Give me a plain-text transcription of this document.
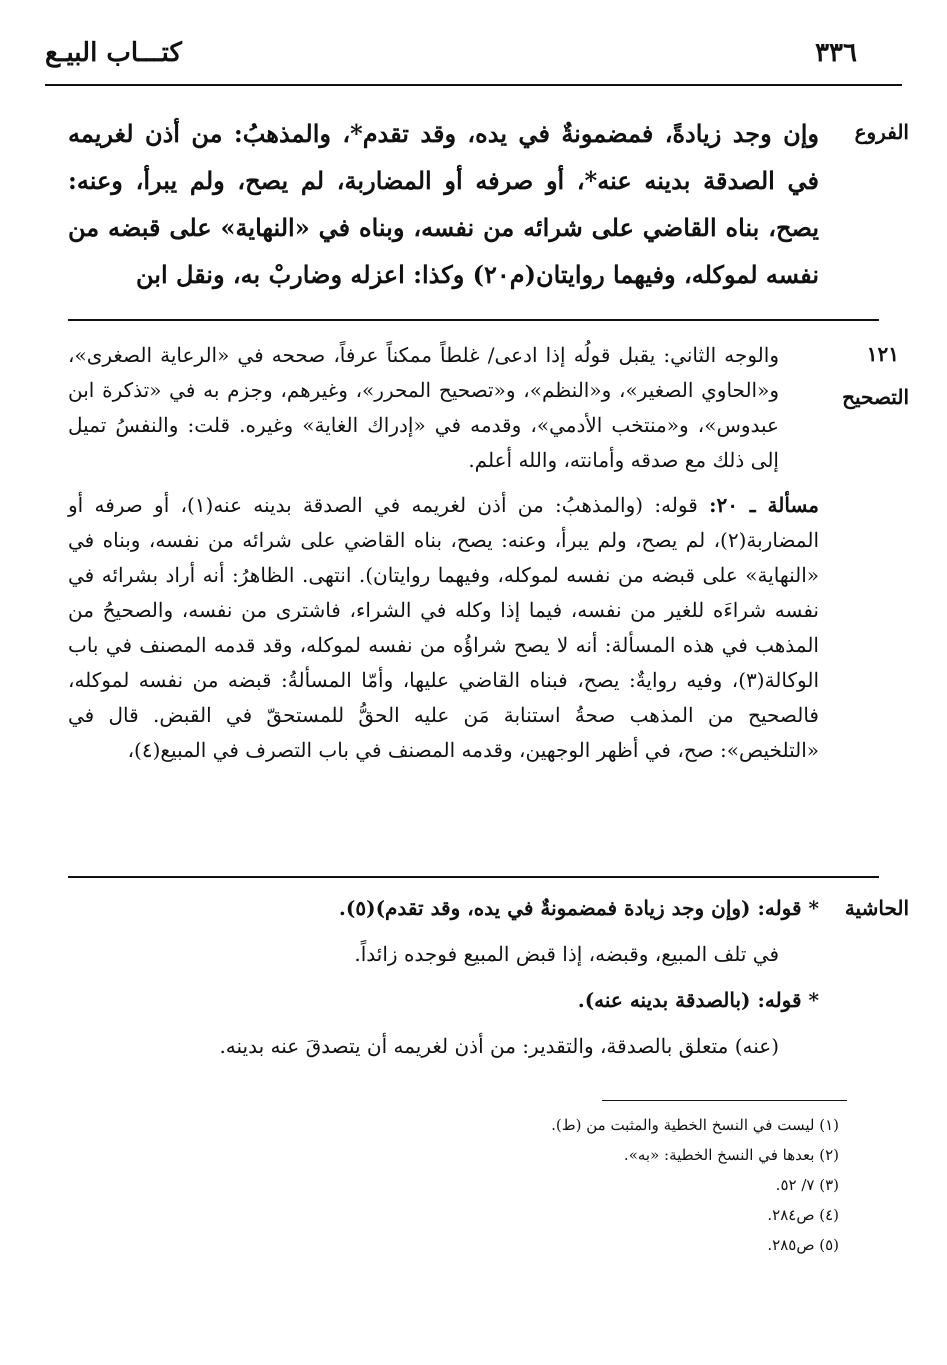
كتـــاب البيـع	٣٣٦
الفروع
وإن وجد زيادةً، فمضمونةٌ في يده، وقد تقدم*، والمذهبُ: من أذن لغريمه في الصدقة بدينه عنه*، أو صرفه أو المضاربة، لم يصح، ولم يبرأ، وعنه: يصح، بناه القاضي على شرائه من نفسه، وبناه في «النهاية» على قبضه من نفسه لموكله، وفيهما روايتان(م٢٠) وكذا: اعزله وضاربْ به، ونقل ابن
١٢١
التصحيح

والوجه الثاني: يقبل قولُه إذا ادعى/ غلطاً ممكناً عرفاً، صححه في «الرعاية الصغرى»، و«الحاوي الصغير»، و«النظم»، و«تصحيح المحرر»، وغيرهم، وجزم به في «تذكرة ابن عبدوس»، و«منتخب الأدمي»، وقدمه في «إدراك الغاية» وغيره. قلت: والنفسُ تميل إلى ذلك مع صدقه وأمانته، والله أعلم.

مسألة ـ ٢٠: قوله: (والمذهبُ: من أذن لغريمه في الصدقة بدينه عنه(١)، أو صرفه أو المضاربة(٢)، لم يصح، ولم يبرأ، وعنه: يصح، بناه القاضي على شرائه من نفسه، وبناه في «النهاية» على قبضه من نفسه لموكله، وفيهما روايتان). انتهى. الظاهرُ: أنه أراد بشرائه في نفسه شراءَه للغير من نفسه، فيما إذا وكله في الشراء، فاشترى من نفسه، والصحيحُ من المذهب في هذه المسألة: أنه لا يصح شراؤُه من نفسه لموكله، وقد قدمه المصنف في باب الوكالة(٣)، وفيه روايةٌ: يصح، فبناه القاضي عليها، وأمّا المسألةُ: قبضه من نفسه لموكله، فالصحيح من المذهب صحةُ استنابة مَن عليه الحقُّ للمستحقّ في القبض. قال في «التلخيص»: صح، في أظهر الوجهين، وقدمه المصنف في باب التصرف في المبيع(٤)،

الحاشية

* قوله: (وإن وجد زيادة فمضمونةٌ في يده، وقد تقدم)(٥).

في تلف المبيع، وقبضه، إذا قبض المبيع فوجده زائداً.

* قوله: (بالصدقة بدينه عنه).

(عنه) متعلق بالصدقة، والتقدير: من أذن لغريمه أن يتصدقَ عنه بدينه.

(١) ليست في النسخ الخطية والمثبت من (ط).

(٢) بعدها في النسخ الخطية: «به».

(٣) ٧/ ٥٢.

(٤) ص٢٨٤.

(٥) ص٢٨٥.
